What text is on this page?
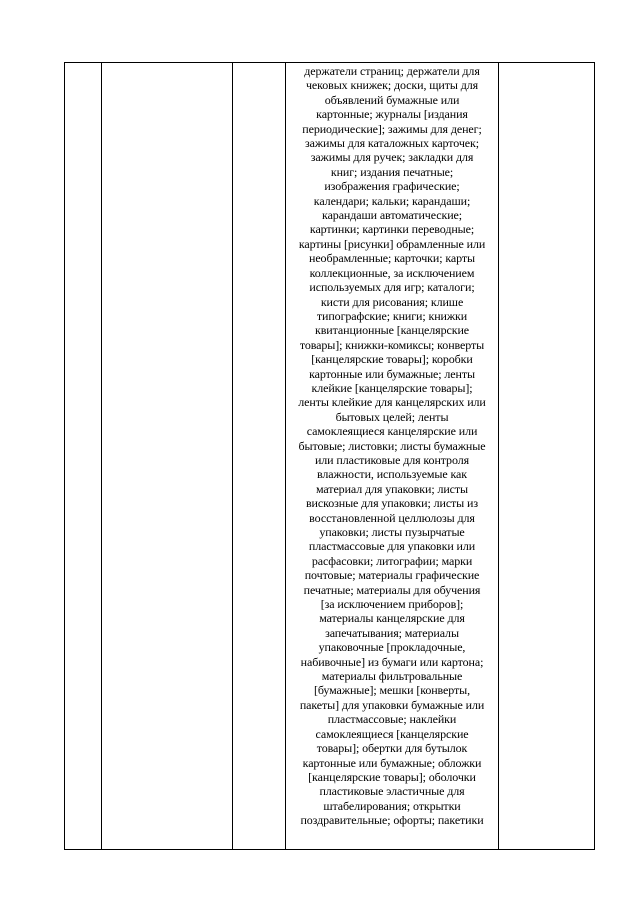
держатели страниц; держатели для
чековых книжек; доски, щиты для
объявлений бумажные или
картонные; журналы [издания
периодические]; зажимы для денег;
зажимы для каталожных карточек;
зажимы для ручек; закладки для
книг; издания печатные;
изображения графические;
календари; кальки; карандаши;
карандаши автоматические;
картинки; картинки переводные;
картины [рисунки] обрамленные или
необрамленные; карточки; карты
коллекционные, за исключением
используемых для игр; каталоги;
кисти для рисования; клише
типографские; книги; книжки
квитанционные [канцелярские
товары]; книжки-комиксы; конверты
[канцелярские товары]; коробки
картонные или бумажные; ленты
клейкие [канцелярские товары];
ленты клейкие для канцелярских или
бытовых целей; ленты
самоклеящиеся канцелярские или
бытовые; листовки; листы бумажные
или пластиковые для контроля
влажности, используемые как
материал для упаковки; листы
вискозные для упаковки; листы из
восстановленной целлюлозы для
упаковки; листы пузырчатые
пластмассовые для упаковки или
расфасовки; литографии; марки
почтовые; материалы графические
печатные; материалы для обучения
[за исключением приборов];
материалы канцелярские для
запечатывания; материалы
упаковочные [прокладочные,
набивочные] из бумаги или картона;
материалы фильтровальные
[бумажные]; мешки [конверты,
пакеты] для упаковки бумажные или
пластмассовые; наклейки
самоклеящиеся [канцелярские
товары]; обертки для бутылок
картонные или бумажные; обложки
[канцелярские товары]; оболочки
пластиковые эластичные для
штабелирования; открытки
поздравительные; офорты; пакетики
